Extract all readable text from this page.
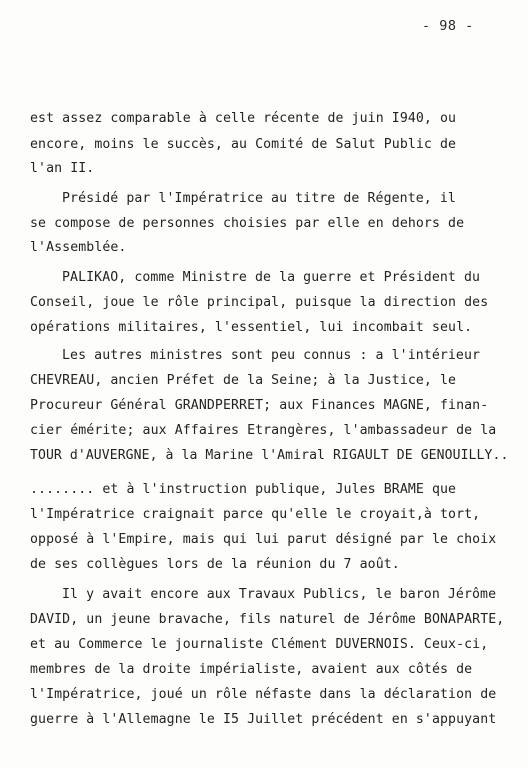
- 98 -
est assez comparable à celle récente de juin I940, ou
encore, moins le succès, au Comité de Salut Public de
l'an II.
Présidé par l'Impératrice au titre de Régente, il
se compose de personnes choisies par elle en dehors de
l'Assemblée.
PALIKAO, comme Ministre de la guerre et Président du
Conseil, joue le rôle principal, puisque la direction des
opérations militaires, l'essentiel, lui incombait seul.
Les autres ministres sont peu connus : a l'intérieur
CHEVREAU, ancien Préfet de la Seine; à la Justice, le
Procureur Général GRANDPERRET; aux Finances MAGNE, finan-
cier émérite; aux Affaires Etrangères, l'ambassadeur de la
TOUR d'AUVERGNE, à la Marine l'Amiral RIGAULT DE GENOUILLY..
........ et à l'instruction publique, Jules BRAME que
l'Impératrice craignait parce qu'elle le croyait,à tort,
opposé à l'Empire, mais qui lui parut désigné par le choix
de ses collègues lors de la réunion du 7 août.
Il y avait encore aux Travaux Publics, le baron Jérôme
DAVID, un jeune bravache, fils naturel de Jérôme BONAPARTE,
et au Commerce le journaliste Clément DUVERNOIS. Ceux-ci,
membres de la droite impérialiste, avaient aux côtés de
l'Impératrice, joué un rôle néfaste dans la déclaration de
guerre à l'Allemagne le I5 Juillet précédent en s'appuyant
